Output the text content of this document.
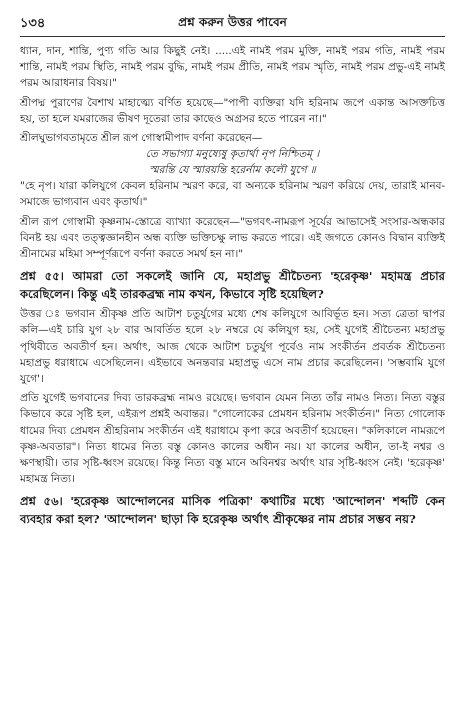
১৩৪	প্রশ্ন করুন উত্তর পাবেন

ধ্যান, দান, শান্তি, পুণ্য গতি আর কিছুই নেই। .....এই নামই পরম মুক্তি, নামই পরম গতি, নামই পরম শান্তি, নামই পরম স্থিতি, নামই পরম বুদ্ধি, নামই পরম প্রীতি, নামই পরম স্মৃতি, নামই পরম প্রভু-এই নামই পরম আরাধনার বিষয়।"

শ্রীপদ্ম পুরাণের বৈশাখ মাহাত্ম্যে বর্ণিত হয়েছে—"পাপী ব্যক্তিরা যদি হরিনাম জপে একান্ত আসক্তচিত্ত হয়, তা হলে যমরাজের ভীষণ দূতেরা তার কাছেও অগ্রসর হতে পারেন না।"

শ্রীলঘুভাগবতামৃতে শ্রীল রূপ গোস্বামীপাদ বর্ণনা করেছেন—

তে সভাগ্যা মনুষ্যেষু কৃতার্থা নৃপ নিশ্চিতম্‌ ।

স্মরন্তি যে স্মারয়ন্তি হরের্নাম কলৌ যুগে ॥

"হে নৃপ। যারা কলিযুগে কেবল হরিনাম স্মরণ করে, বা অন্যকে হরিনাম স্মরণ করিয়ে দেয়, তারাই মানব-সমাজে ভাগ্যবান এবং কৃতার্থ।"

শ্রীল রূপ গোস্বামী কৃষ্ণনাম-স্তোত্রে ব্যাখ্যা করেছেন—"ভগবৎ-নামরূপ সূর্যের আভাসেই সংসার-অন্ধকার বিনষ্ট হয় এবং তত্ত্বজ্ঞানহীন অন্ধ ব্যক্তি ভক্তিচক্ষু লাভ করতে পারে। এই জগতে কোনও বিদ্বান ব্যক্তিই শ্রীনামের মহিমা সম্পূর্ণরূপে বর্ণনা করতে সমর্থ হন না।"

প্রশ্ন ৫৫। আমরা তো সকলেই জানি যে, মহাপ্রভু শ্রীচৈতন্য 'হরেকৃষ্ণ' মহামন্ত্র প্রচার করেছিলেন। কিন্তু এই তারকব্রহ্ম নাম কখন, কিভাবে সৃষ্টি হয়েছিল?

উত্তর ঃ ভগবান শ্রীকৃষ্ণ প্রতি আটাশ চতুর্যুগের মধ্যে শেষ কলিযুগে আবির্ভূত হন। সত্য ত্রেতা দ্বাপর কলি—এই চারি যুগ ২৮ বার আবর্তিত হলে ২৮ নম্বরে যে কলিযুগ হয়, সেই যুগেই শ্রীচৈতন্য মহাপ্রভু পৃথিবীতে অবতীর্ণ হন। অর্থাৎ, আজ থেকে আটাশ চতুর্যুগ পূর্বেও নাম সংকীর্তন প্রবর্তক শ্রীচৈতন্য মহাপ্রভু ধরাধামে এসেছিলেন। এইভাবে অনন্তবার মহাপ্রভু এসে নাম প্রচার করেছিলেন। 'সম্ভবামি যুগে যুগে'।

প্রতি যুগেই ভগবানের দিব্য তারকব্রহ্ম নামও রয়েছে। ভগবান যেমন নিত্য তাঁর নামও নিত্য। নিত্য বস্তুর কিভাবে করে সৃষ্টি হল, এইরূপ প্রশ্নই অবান্তর। "গোলোকের প্রেমধন হরিনাম সংকীর্তন।" নিত্য গোলোক ধামের দিব্য প্রেমধন শ্রীহরিনাম সংকীর্তন এই ধরাধামে কৃপা করে অবতীর্ণ হয়েছেন। "কলিকালে নামরূপে কৃষ্ণ-অবতার"। নিত্য ধামের নিত্য বস্তু কোনও কালের অধীন নয়। যা কালের অধীন, তা-ই নশ্বর ও ক্ষণস্থায়ী। তার সৃষ্টি-ধ্বংস রয়েছে। কিন্তু নিত্য বস্তু মানে অবিনশ্বর অর্থাৎ যার সৃষ্টি-ধ্বংস নেই। 'হরেকৃষ্ণ' মহামন্ত্র নিত্য।

প্রশ্ন ৫৬। 'হরেকৃষ্ণ আন্দোলনের মাসিক পত্রিকা' কথাটির মধ্যে 'আন্দোলন' শব্দটি কেন ব্যবহার করা হল? 'আন্দোলন' ছাড়া কি হরেকৃষ্ণ অর্থাৎ শ্রীকৃষ্ণের নাম প্রচার সম্ভব নয়?
